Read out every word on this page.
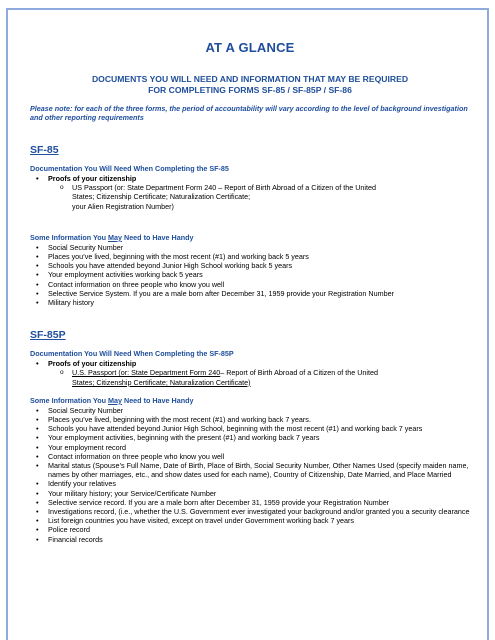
AT A GLANCE
DOCUMENTS YOU WILL NEED AND INFORMATION THAT MAY BE REQUIRED
FOR COMPLETING FORMS SF-85 / SF-85P / SF-86
Please note: for each of the three forms, the period of accountability will vary according to the level of background investigation and other reporting requirements
SF-85
Documentation You Will Need When Completing the SF-85
• Proofs of your citizenship
o US Passport (or: State Department Form 240 – Report of Birth Abroad of a Citizen of the United
States; Citizenship Certificate; Naturalization Certificate;
your Alien Registration Number)
Some Information You May Need to Have Handy
• Social Security Number
• Places you’ve lived, beginning with the most recent (#1) and working back 5 years
• Schools you have attended beyond Junior High School working back 5 years
• Your employment activities working back 5 years
• Contact information on three people who know you well
• Selective Service System. If you are a male born after December 31, 1959 provide your Registration Number
• Military history
SF-85P
Documentation You Will Need When Completing the SF-85P
• Proofs of your citizenship
o U.S. Passport (or: State Department Form 240– Report of Birth Abroad of a Citizen of the United
States; Citizenship Certificate; Naturalization Certificate)
Some Information You May Need to Have Handy
• Social Security Number
• Places you’ve lived, beginning with the most recent (#1) and working back 7 years.
• Schools you have attended beyond Junior High School, beginning with the most recent (#1) and working back 7 years
• Your employment activities, beginning with the present (#1) and working back 7 years
• Your employment record
• Contact information on three people who know you well
• Marital status (Spouse’s Full Name, Date of Birth, Place of Birth, Social Security Number, Other Names Used (specify maiden name, names by other marriages, etc., and show dates used for each name), Country of Citizenship, Date Married, and Place Married
• Identify your relatives
• Your military history; your Service/Certificate Number
• Selective service record. If you are a male born after December 31, 1959 provide your Registration Number
• Investigations record, (i.e., whether the U.S. Government ever investigated your background and/or granted you a security clearance
• List foreign countries you have visited, except on travel under Government working back 7 years
• Police record
• Financial records
